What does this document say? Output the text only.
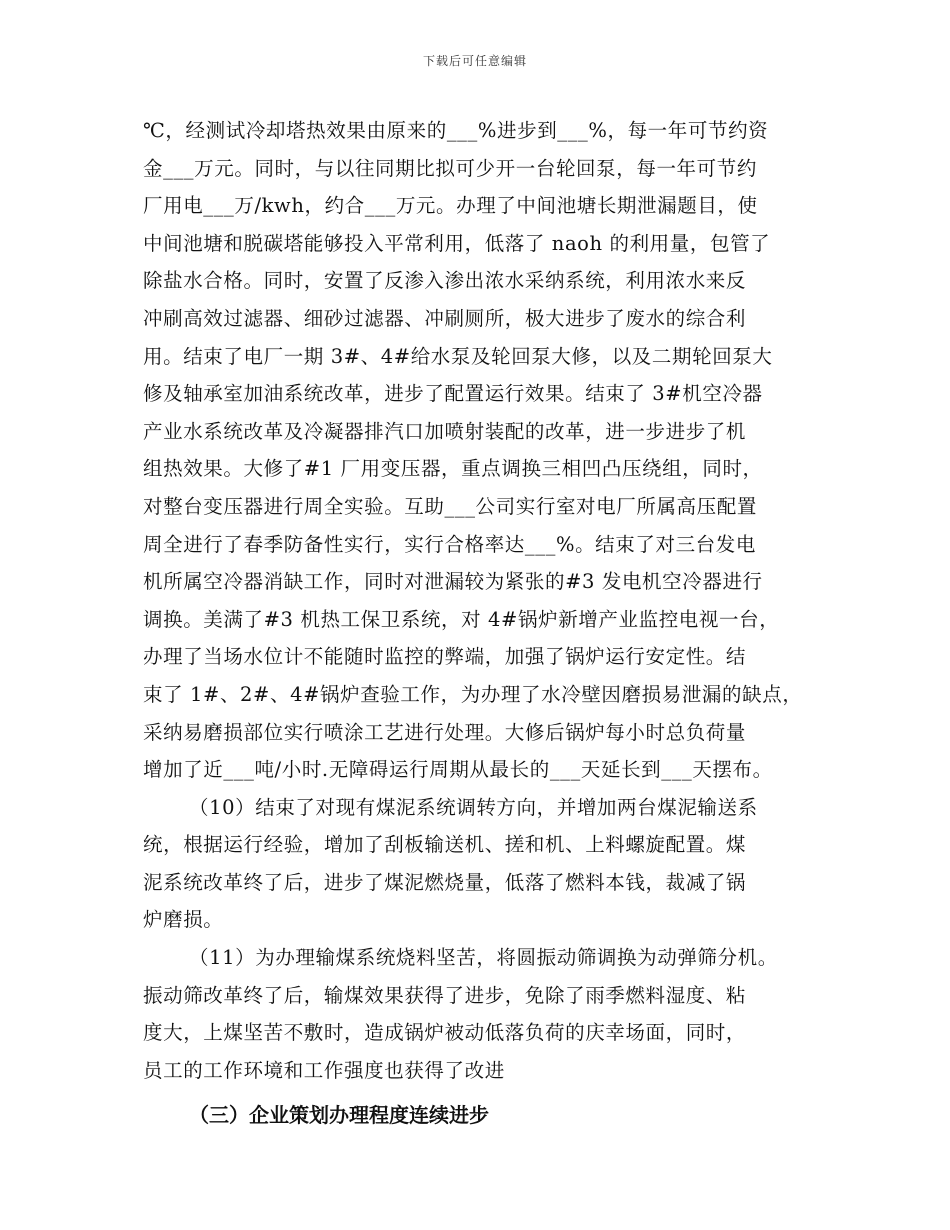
下载后可任意编辑
℃，经测试冷却塔热效果由原来的___%进步到___%，每一年可节约资
金___万元。同时，与以往同期比拟可少开一台轮回泵，每一年可节约
厂用电___万/kwh，约合___万元。办理了中间池塘长期泄漏题目，使
中间池塘和脱碳塔能够投入平常利用，低落了 naoh 的利用量，包管了
除盐水合格。同时，安置了反渗入渗出浓水采纳系统，利用浓水来反
冲刷高效过滤器、细砂过滤器、冲刷厕所，极大进步了废水的综合利
用。结束了电厂一期 3#、4#给水泵及轮回泵大修，以及二期轮回泵大
修及轴承室加油系统改革，进步了配置运行效果。结束了 3#机空冷器
产业水系统改革及冷凝器排汽口加喷射装配的改革，进一步进步了机
组热效果。大修了#1 厂用变压器，重点调换三相凹凸压绕组，同时，
对整台变压器进行周全实验。互助___公司实行室对电厂所属高压配置
周全进行了春季防备性实行，实行合格率达___%。结束了对三台发电
机所属空冷器消缺工作，同时对泄漏较为紧张的#3 发电机空冷器进行
调换。美满了#3 机热工保卫系统，对 4#锅炉新增产业监控电视一台，
办理了当场水位计不能随时监控的弊端，加强了锅炉运行安定性。结
束了 1#、2#、4#锅炉查验工作，为办理了水冷壁因磨损易泄漏的缺点，
采纳易磨损部位实行喷涂工艺进行处理。大修后锅炉每小时总负荷量
增加了近___吨/小时.无障碍运行周期从最长的___天延长到___天摆布。
（10）结束了对现有煤泥系统调转方向，并增加两台煤泥输送系
统，根据运行经验，增加了刮板输送机、搓和机、上料螺旋配置。煤
泥系统改革终了后，进步了煤泥燃烧量，低落了燃料本钱，裁减了锅
炉磨损。
（11）为办理输煤系统烧料坚苦，将圆振动筛调换为动弹筛分机。
振动筛改革终了后，输煤效果获得了进步，免除了雨季燃料湿度、粘
度大，上煤坚苦不敷时，造成锅炉被动低落负荷的庆幸场面，同时，
员工的工作环境和工作强度也获得了改进
（三）企业策划办理程度连续进步
